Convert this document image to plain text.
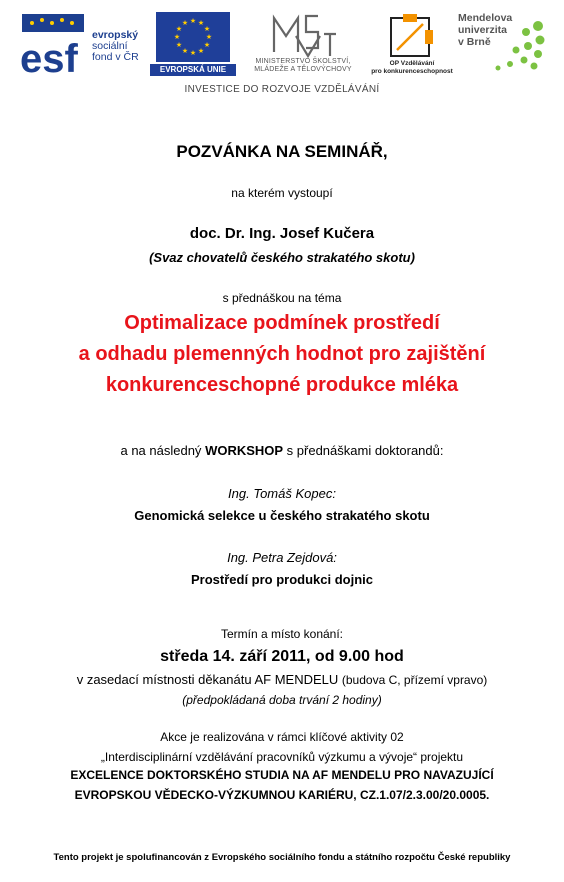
esf
evropský
sociální
fond v ČR
★ ★
★
★
★
★
★
★
★
★
★
★
EVROPSKÁ UNIE
MINISTERSTVO ŠKOLSTVÍ,
MLÁDEŽE A TĚLOVÝCHOVY
OP Vzdělávání
pro konkurenceschopnost
Mendelova
univerzita
v Brně
INVESTICE DO ROZVOJE VZDĚLÁVÁNÍ
POZVÁNKA NA SEMINÁŘ,
na kterém vystoupí
doc. Dr. Ing. Josef Kučera
(Svaz chovatelů českého strakatého skotu)
s přednáškou na téma
Optimalizace podmínek prostředí
a odhadu plemenných hodnot pro zajištění
konkurenceschopné produkce mléka
a na následný WORKSHOP s přednáškami doktorandů:
Ing. Tomáš Kopec:
Genomická selekce u českého strakatého skotu
Ing. Petra Zejdová:
Prostředí pro produkci dojnic
Termín a místo konání:
středa 14. září 2011, od 9.00 hod
v zasedací místnosti děkanátu AF MENDELU (budova C, přízemí vpravo)
(předpokládaná doba trvání 2 hodiny)
Akce je realizována v rámci klíčové aktivity 02
„Interdisciplinární vzdělávání pracovníků výzkumu a vývoje“ projektu
EXCELENCE DOKTORSKÉHO STUDIA NA AF MENDELU PRO NAVAZUJÍCÍ
EVROPSKOU VĚDECKO-VÝZKUMNOU KARIÉRU, CZ.1.07/2.3.00/20.0005.
Tento projekt je spolufinancován z Evropského sociálního fondu a státního rozpočtu České republiky
